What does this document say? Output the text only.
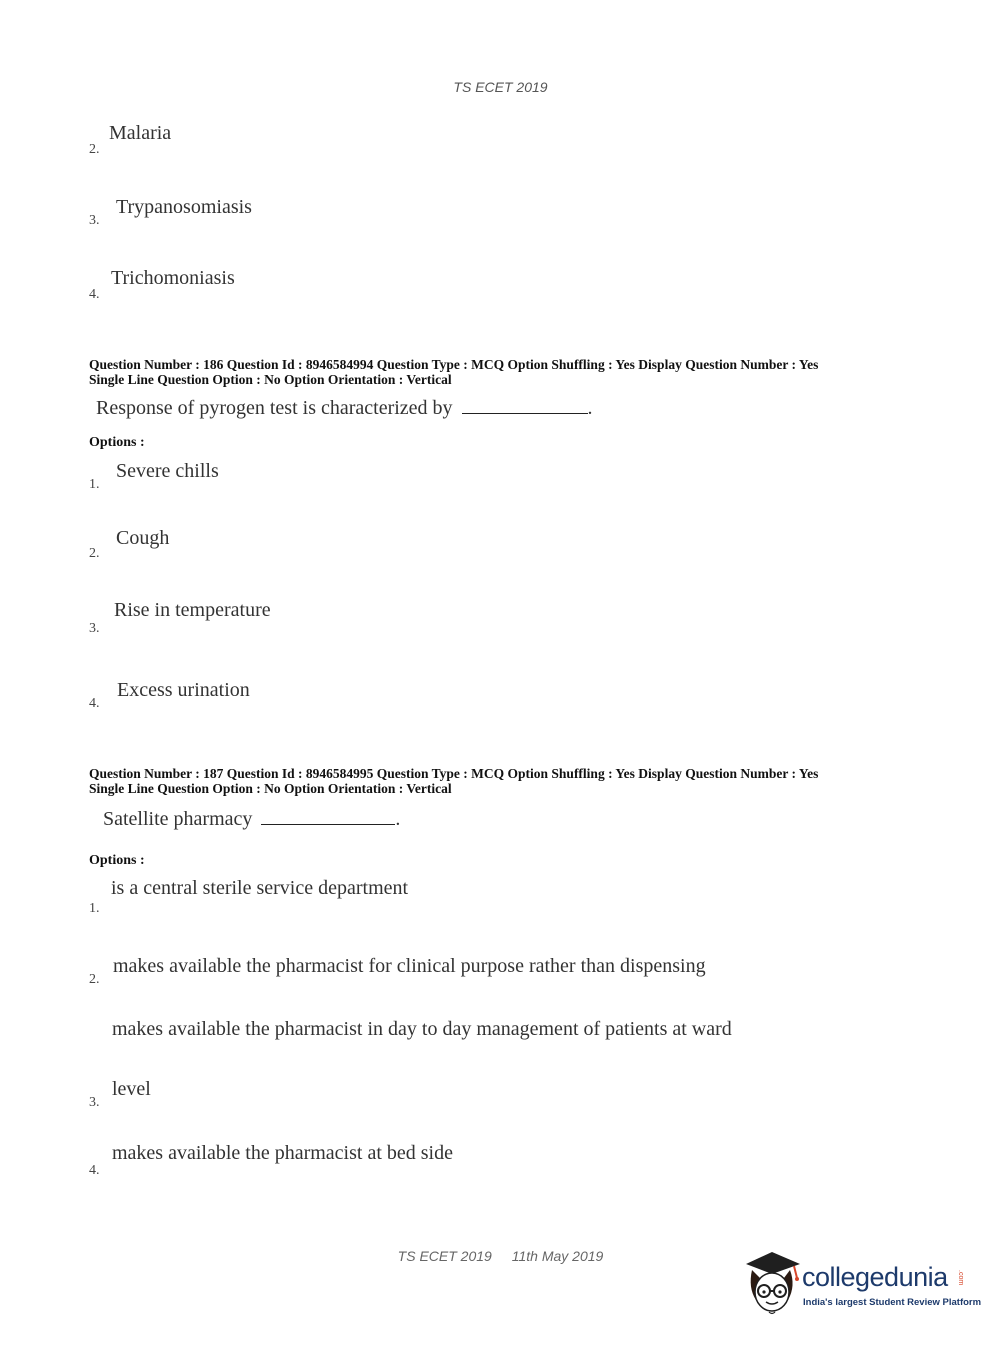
TS ECET 2019
Malaria
2.
Trypanosomiasis
3.
Trichomoniasis
4.
Question Number : 186 Question Id : 8946584994 Question Type : MCQ Option Shuffling : Yes Display Question Number : Yes
Single Line Question Option : No Option Orientation : Vertical
Response of pyrogen test is characterized by	.
Options :
Severe chills
1.
Cough
2.
Rise in temperature
3.
Excess urination
4.
Question Number : 187 Question Id : 8946584995 Question Type : MCQ Option Shuffling : Yes Display Question Number : Yes
Single Line Question Option : No Option Orientation : Vertical
Satellite pharmacy	.
Options :
is a central sterile service department
1.
makes available the pharmacist for clinical purpose rather than dispensing
2.
makes available the pharmacist in day to day management of patients at ward
level
3.
makes available the pharmacist at bed side
4.
TS ECET 2019 11th May 2019
collegedunia .com
India's largest Student Review Platform
